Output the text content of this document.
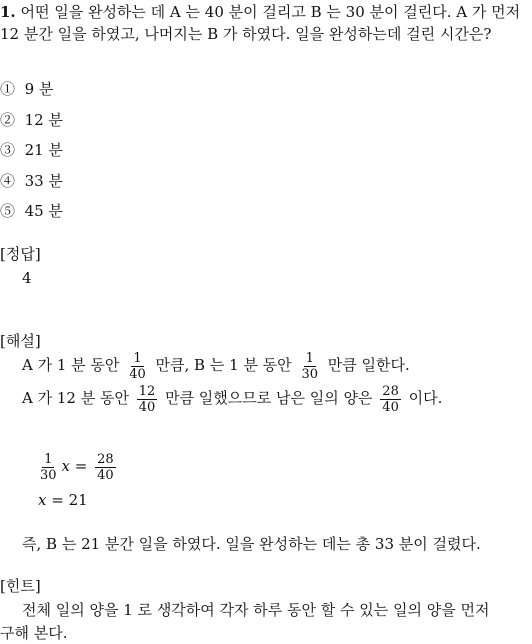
1. 어떤 일을 완성하는 데 A 는 40 분이 걸리고 B 는 30 분이 걸린다. A 가 먼저
12 분간 일을 하였고, 나머지는 B 가 하였다. 일을 완성하는데 걸린 시간은?
① 9 분
② 12 분
③ 21 분
④ 33 분
⑤ 45 분
[정답]
4
[해설]
A 가 1 분 동안 $\frac{1}{40}$ 만큼, B 는 1 분 동안 $\frac{1}{30}$ 만큼 일한다.
A 가 12 분 동안 $\frac{12}{40}$ 만큼 일했으므로 남은 일의 양은 $\frac{28}{40}$ 이다.
$\frac{1}{30}$ $x = \frac{28}{40}$
x = 21
즉, B 는 21 분간 일을 하였다. 일을 완성하는 데는 총 33 분이 걸렸다.
[힌트]
전체 일의 양을 1 로 생각하여 각자 하루 동안 할 수 있는 일의 양을 먼저
구해 본다.
